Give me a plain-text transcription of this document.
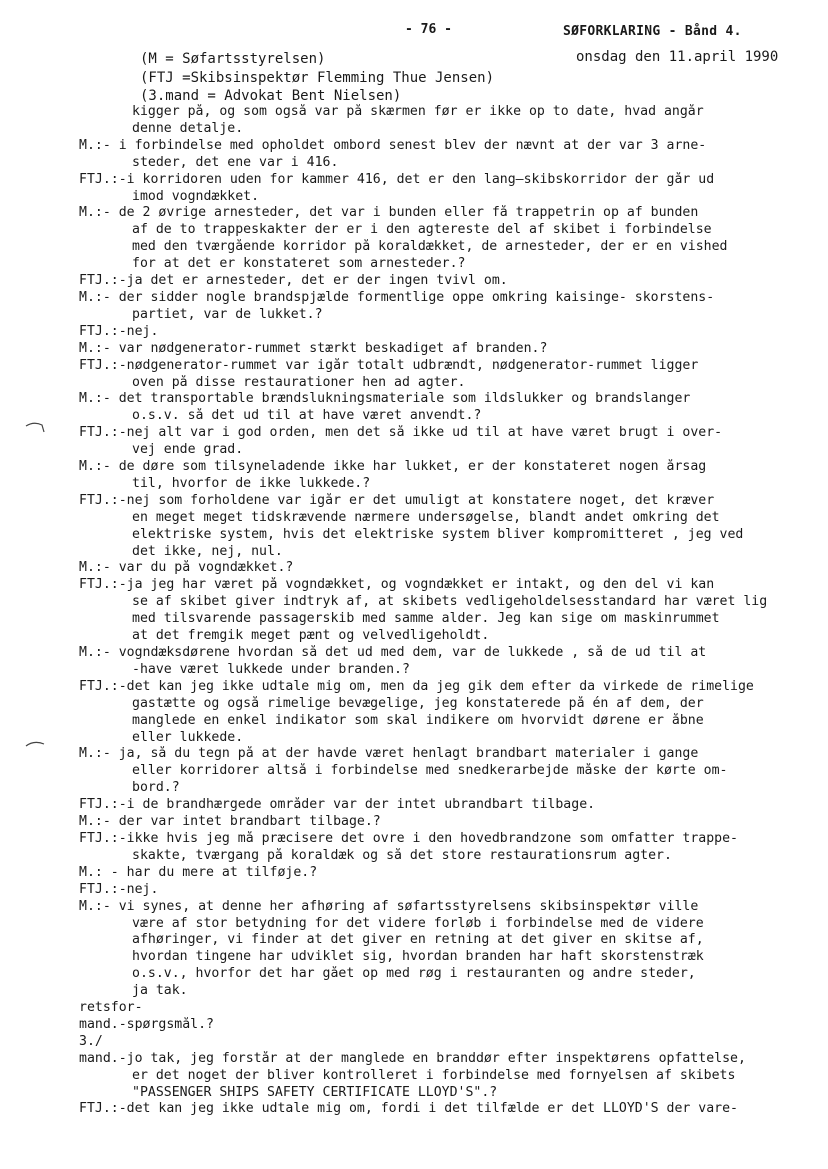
- 76 -	SØFORKLARING - Bånd 4.
onsdag den 11.april 1990
(M = Søfartsstyrelsen)
(FTJ =Skibsinspektør Flemming Thue Jensen)
(3.mand = Advokat Bent Nielsen)
kigger på, og som også var på skærmen før er ikke op to date, hvad angår
denne detalje.
M.:- i forbindelse med opholdet ombord senest blev der nævnt at der var 3 arne-
steder, det ene var i 416.
FTJ.:-i korridoren uden for kammer 416, det er den lang—skibskorridor der går ud
imod vogndækket.
M.:- de 2 øvrige arnesteder, det var i bunden eller få trappetrin op af bunden
af de to trappeskakter der er i den agtereste del af skibet i forbindelse
med den tværgående korridor på koraldækket, de arnesteder, der er en vished
for at det er konstateret som arnesteder.?
FTJ.:-ja det er arnesteder, det er der ingen tvivl om.
M.:- der sidder nogle brandspjælde formentlige oppe omkring kaisinge- skorstens-
partiet, var de lukket.?
FTJ.:-nej.
M.:- var nødgenerator-rummet stærkt beskadiget af branden.?
FTJ.:-nødgenerator-rummet var igår totalt udbrændt, nødgenerator-rummet ligger
oven på disse restaurationer hen ad agter.
M.:- det transportable brændslukningsmateriale som ildslukker og brandslanger
o.s.v. så det ud til at have været anvendt.?
FTJ.:-nej alt var i god orden, men det så ikke ud til at have været brugt i over-
vej ende grad.
M.:- de døre som tilsyneladende ikke har lukket, er der konstateret nogen årsag
til, hvorfor de ikke lukkede.?
FTJ.:-nej som forholdene var igår er det umuligt at konstatere noget, det kræver
en meget meget tidskrævende nærmere undersøgelse, blandt andet omkring det
elektriske system, hvis det elektriske system bliver kompromitteret , jeg ved
det ikke, nej, nul.
M.:- var du på vogndækket.?
FTJ.:-ja jeg har været på vogndækket, og vogndækket er intakt, og den del vi kan
se af skibet giver indtryk af, at skibets vedligeholdelsesstandard har været lig
med tilsvarende passagerskib med samme alder. Jeg kan sige om maskinrummet
at det fremgik meget pænt og velvedligeholdt.
M.:- vogndæksdørene hvordan så det ud med dem, var de lukkede , så de ud til at
-have været lukkede under branden.?
FTJ.:-det kan jeg ikke udtale mig om, men da jeg gik dem efter da virkede de rimelige
gastætte og også rimelige bevægelige, jeg konstaterede på én af dem, der
manglede en enkel indikator som skal indikere om hvorvidt dørene er åbne
eller lukkede.
M.:- ja, så du tegn på at der havde været henlagt brandbart materialer i gange
eller korridorer altså i forbindelse med snedkerarbejde måske der kørte om-
bord.?
FTJ.:-i de brandhærgede områder var der intet ubrandbart tilbage.
M.:- der var intet brandbart tilbage.?
FTJ.:-ikke hvis jeg må præcisere det ovre i den hovedbrandzone som omfatter trappe-
skakte, tværgang på koraldæk og så det store restaurationsrum agter.
M.: - har du mere at tilføje.?
FTJ.:-nej.
M.:- vi synes, at denne her afhøring af søfartsstyrelsens skibsinspektør ville
være af stor betydning for det videre forløb i forbindelse med de videre
afhøringer, vi finder at det giver en retning at det giver en skitse af,
hvordan tingene har udviklet sig, hvordan branden har haft skorstenstræk
o.s.v., hvorfor det har gået op med røg i restauranten og andre steder,
ja tak.
retsfor-
mand.-spørgsmål.?
3./
mand.-jo tak, jeg forstår at der manglede en branddør efter inspektørens opfattelse,
er det noget der bliver kontrolleret i forbindelse med fornyelsen af skibets
"PASSENGER SHIPS SAFETY CERTIFICATE LLOYD'S".?
FTJ.:-det kan jeg ikke udtale mig om, fordi i det tilfælde er det LLOYD'S der vare-
